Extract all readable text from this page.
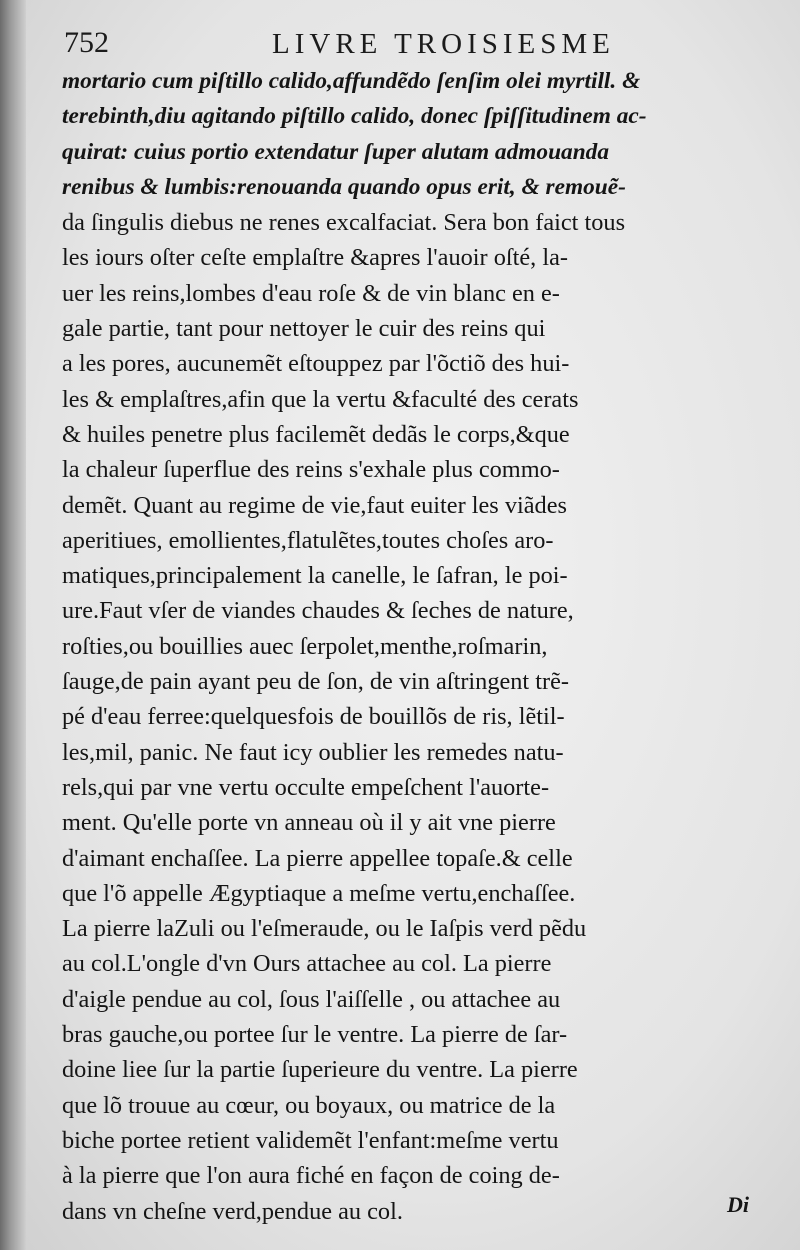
752	LIVRE TROISIESME
mortario cum piſtillo calido,affundẽdo ſenſim olei myrtill. &
terebinth,diu agitando piſtillo calido, donec ſpiſſitudinem ac-
quirat: cuius portio extendatur ſuper alutam admouanda
renibus & lumbis:renouanda quando opus erit, & remouẽ-
da ſingulis diebus ne renes excalfaciat. Sera bon faict tous
les iours oſter ceſte emplaſtre &apres l'auoir oſté, la-
uer les reins,lombes d'eau roſe & de vin blanc en e-
gale partie, tant pour nettoyer le cuir des reins qui
a les pores, aucunemẽt eſtouppez par l'õctiõ des hui-
les & emplaſtres,afin que la vertu &faculté des cerats
& huiles penetre plus facilemẽt dedãs le corps,&que
la chaleur ſuperflue des reins s'exhale plus commo-
demẽt. Quant au regime de vie,faut euiter les viãdes
aperitiues, emollientes,flatulẽtes,toutes choſes aro-
matiques,principalement la canelle, le ſafran, le poi-
ure.Faut vſer de viandes chaudes & ſeches de nature,
roſties,ou bouillies auec ſerpolet,menthe,roſmarin,
ſauge,de pain ayant peu de ſon, de vin aſtringent trẽ-
pé d'eau ferree:quelquesfois de bouillõs de ris, lẽtil-
les,mil, panic. Ne faut icy oublier les remedes natu-
rels,qui par vne vertu occulte empeſchent l'auorte-
ment. Qu'elle porte vn anneau où il y ait vne pierre
d'aimant enchaſſee. La pierre appellee topaſe.& celle
que l'õ appelle Ægyptiaque a meſme vertu,enchaſſee.
La pierre laZuli ou l'eſmeraude, ou le Iaſpis verd pẽdu
au col.L'ongle d'vn Ours attachee au col. La pierre
d'aigle pendue au col, ſous l'aiſſelle , ou attachee au
bras gauche,ou portee ſur le ventre. La pierre de ſar-
doine liee ſur la partie ſuperieure du ventre. La pierre
que lõ trouue au cœur, ou boyaux, ou matrice de la
biche portee retient validemẽt l'enfant:meſme vertu
à la pierre que l'on aura fiché en façon de coing de-
dans vn cheſne verd,pendue au col.	Di
